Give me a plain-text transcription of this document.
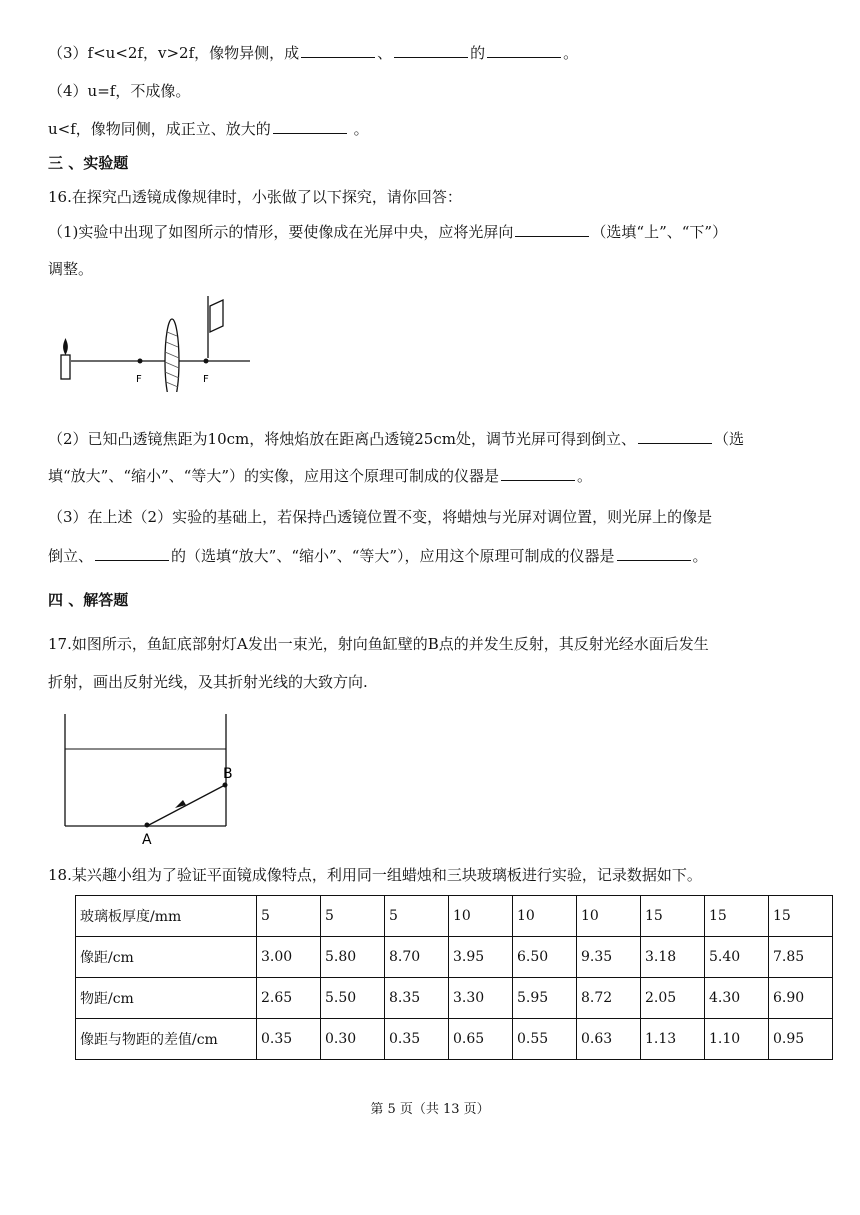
（3）f<u<2f，v>2f，像物异侧，成	、	的	。
（4）u=f，不成像。
u<f，像物同侧，成正立、放大的	。
三 、实验题
16.在探究凸透镜成像规律时，小张做了以下探究，请你回答：
（1)实验中出现了如图所示的情形，要使像成在光屏中央，应将光屏向	（选填“上”、“下”）
调整。
F	F
（2）已知凸透镜焦距为10cm，将烛焰放在距离凸透镜25cm处，调节光屏可得到倒立、	（选
填“放大”、“缩小”、“等大”）的实像，应用这个原理可制成的仪器是	。
（3）在上述（2）实验的基础上，若保持凸透镜位置不变，将蜡烛与光屏对调位置，则光屏上的像是
倒立、	的（选填“放大”、“缩小”、“等大”），应用这个原理可制成的仪器是	。
四 、解答题
17.如图所示，鱼缸底部射灯A发出一束光，射向鱼缸壁的B点的并发生反射，其反射光经水面后发生
折射，画出反射光线，及其折射光线的大致方向.
A
B
18.某兴趣小组为了验证平面镜成像特点，利用同一组蜡烛和三块玻璃板进行实验，记录数据如下。
玻璃板厚度/mm	5	5	5	10	10	10	15	15	15
像距/cm	3.00	5.80	8.70	3.95	6.50	9.35	3.18	5.40	7.85
物距/cm	2.65	5.50	8.35	3.30	5.95	8.72	2.05	4.30	6.90
像距与物距的差值/cm	0.35	0.30	0.35	0.65	0.55	0.63	1.13	1.10	0.95
第 5 页（共 13 页）
